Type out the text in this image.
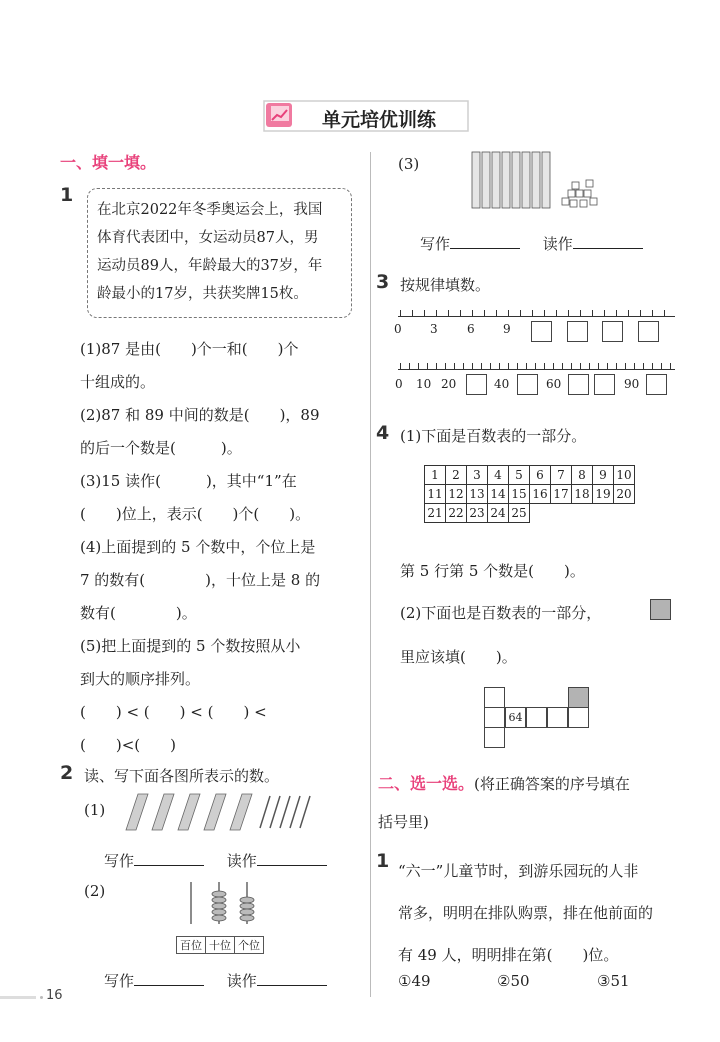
单元培优训练
一、填一填。
1
在北京2022年冬季奥运会上，我国
体育代表团中，女运动员87人，男
运动员89人，年龄最大的37岁，年
龄最小的17岁，共获奖牌15枚。
(1)87 是由(　　)个一和(　　)个
十组成的。
(2)87 和 89 中间的数是(　　)，89
的后一个数是(　　　)。
(3)15 读作(　　　)，其中“1”在
(　　)位上，表示(　　)个(　　)。
(4)上面提到的 5 个数中，个位上是
7 的数有(　　　　)，十位上是 8 的
数有(　　　　)。
(5)把上面提到的 5 个数按照从小
到大的顺序排列。
(　　) < (　　) < (　　) <
(　　)<(　　)
2 读、写下面各图所表示的数。
(1)
写作	读作
(2)
百位 十位 个位
写作	读作
16
(3)
写作	读作
3 按规律填数。
0 3 6 9
0 10 20	40	60	90
4 (1)下面是百数表的一部分。
1	2	3	4	5	6	7	8	9	10
11	12	13	14	15	16	17	18	19	20
21	22	23	24	25					
第 5 行第 5 个数是(　　)。
(2)下面也是百数表的一部分，
里应该填(　　)。
64
二、选一选。(将正确答案的序号填在
括号里)
1 “六一”儿童节时，到游乐园玩的人非
常多，明明在排队购票，排在他前面的
有 49 人，明明排在第(　　)位。
①49	②50	③51
